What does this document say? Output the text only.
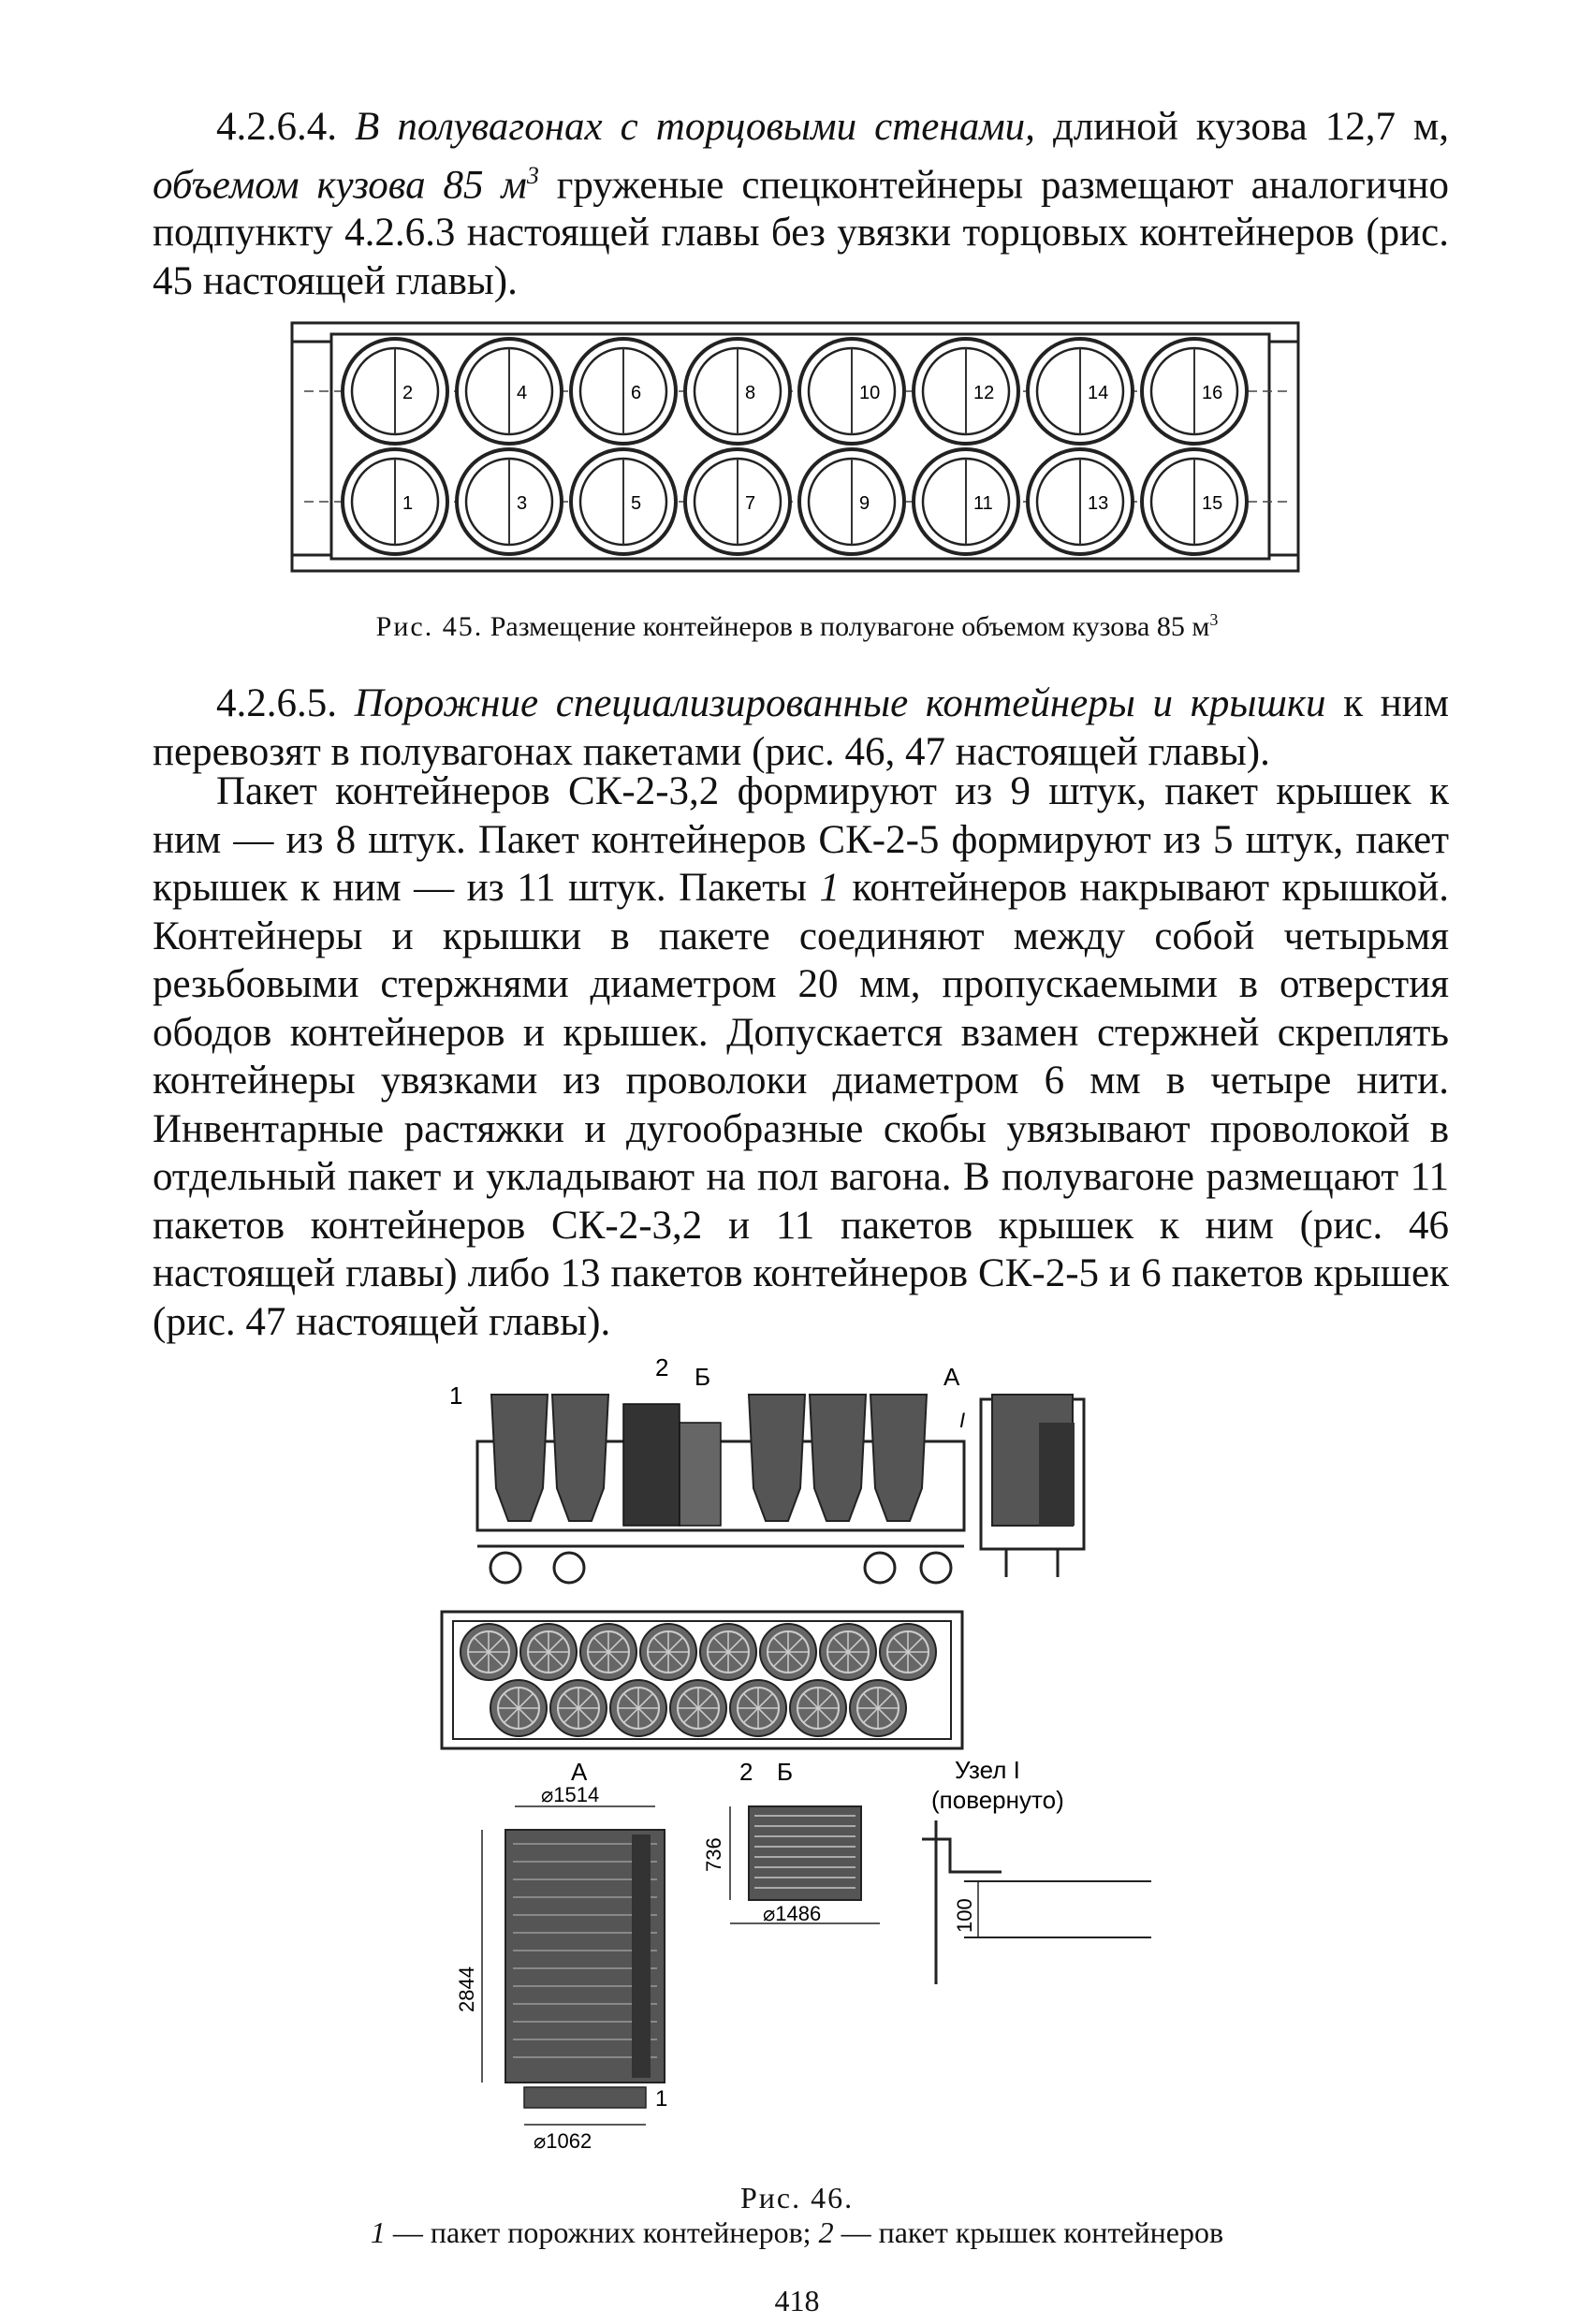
4.2.6.4. В полувагонах с торцовыми стенами, длиной кузова 12,7 м, объемом кузова 85 $м^3$ груженые спецконтейнеры размещают аналогично подпункту 4.2.6.3 настоящей главы без увязки торцовых контейнеров (рис. 45 настоящей главы).
2	4	6	8	10	12	14	16
1	3	5	7	9	11	13	15
Рис. 45. Размещение контейнеров в полувагоне объемом кузова 85 $м^3$
4.2.6.5. Порожние специализированные контейнеры и крышки к ним перевозят в полувагонах пакетами (рис. 46, 47 настоящей главы).
Пакет контейнеров СК-2-3,2 формируют из 9 штук, пакет крышек к ним — из 8 штук. Пакет контейнеров СК-2-5 формируют из 5 штук, пакет крышек к ним — из 11 штук. Пакеты 1 контейнеров накрывают крышкой. Контейнеры и крышки в пакете соединяют между собой четырьмя резьбовыми стержнями диаметром 20 мм, пропускаемыми в отверстия ободов контейнеров и крышек. Допускается взамен стержней скреплять контейнеры увязками из проволоки диаметром 6 мм в четыре нити. Инвентарные растяжки и дугообразные скобы увязывают проволокой в отдельный пакет и укладывают на пол вагона. В полувагоне размещают 11 пакетов контейнеров СК-2-3,2 и 11 пакетов крышек к ним (рис. 46 настоящей главы) либо 13 пакетов контейнеров СК-2-5 и 6 пакетов крышек (рис. 47 настоящей главы).
1
2 Б	А
I
А
⌀1514
2844
⌀1062
1
2 Б
736
⌀1486
Узел I
(повернуто)
100
Рис. 46.
1 — пакет порожних контейнеров; 2 — пакет крышек контейнеров
418
